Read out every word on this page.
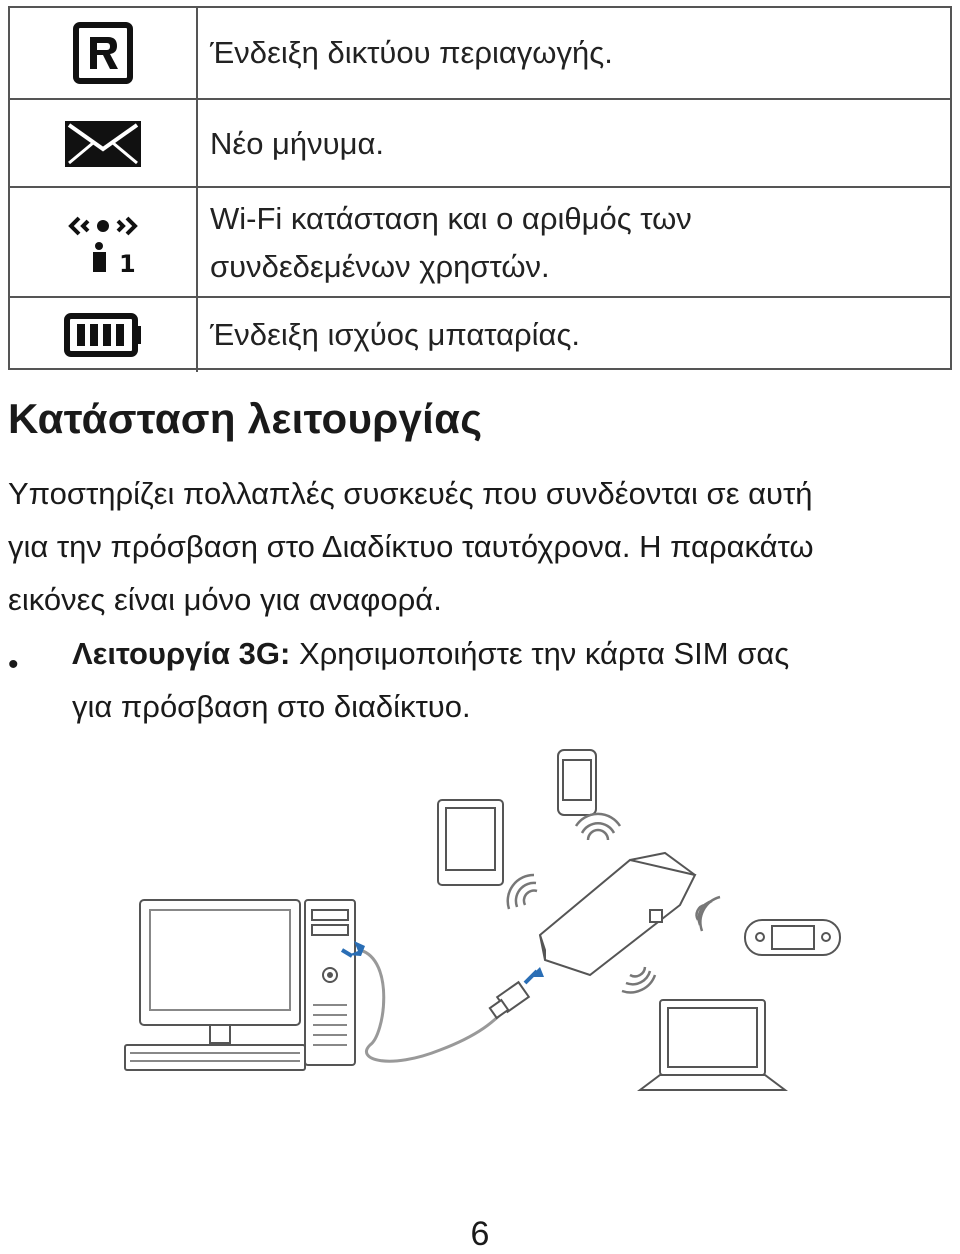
Ένδειξη δικτύου περιαγωγής.
Νέο μήνυμα.
1
Wi-Fi κατάσταση και ο αριθμός των
συνδεδεμένων χρηστών.
Ένδειξη ισχύος μπαταρίας.
Κατάσταση λειτουργίας

Υποστηρίζει πολλαπλές συσκευές που συνδέονται σε αυτή
για την πρόσβαση στο Διαδίκτυο ταυτόχρονα. Η παρακάτω
εικόνες είναι μόνο για αναφορά.

• Λειτουργία 3G: Χρησιμοποιήστε την κάρτα SIM σας
για πρόσβαση στο διαδίκτυο.

6
